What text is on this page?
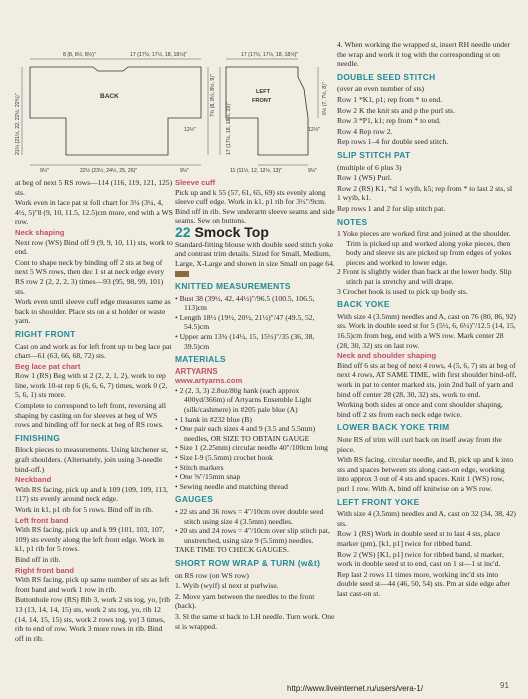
8 (8, 8½, 8½)"	17 (17½, 17½, 18, 18½)"
BACK
9½"	22½ (23½, 24½, 25, 26)"	9½"
21¼ (21½, 22, 22½, 22¾)"	7¾ (8, 8¼, 8½, 9)"
12½"
17 (17½, 17½, 18, 18½)"
LEFT
FRONT	6½ (7, 7½, 8)"
17 (17½, 18, 18½, 19)"	12½"
11 (11½, 12, 12½, 13)"	9½"

at beg of next 5 RS rows—114 (116, 119, 121, 125) sts.

Work even in lace pat st foll chart for 3¼ (3¼, 4, 4½, 5)"8 (9, 10, 11.5, 12.5)cm more, end with a WS row.

Neck shaping

Next row (WS) Bind off 9 (9, 9, 10, 11) sts, work to end.

Cont to shape neck by binding off 2 sts at beg of next 5 WS rows, then dec 1 st at neck edge every RS row 2 (2, 2, 2, 3) times—93 (95, 98, 99, 101) sts.

Work even until sleeve cuff edge measures same as back to shoulder. Place sts on a st holder or waste yarn.

RIGHT FRONT

Cast on and work as for left front up to beg lace pat chart—61 (63, 66, 68, 72) sts.

Beg lace pat chart

Row 1 (RS) Beg with st 2 (2, 2, 1, 2), work to rep line, work 10-st rep 6 (6, 6, 6, 7) times, work 0 (2, 5, 6, 1) sts more.

Complete to correspond to left front, reversing all shaping by casting on for sleeves at beg of WS rows and binding off for neck at beg of RS rows.

FINISHING

Block pieces to measurements. Using kitchener st, graft shoulders. (Alternately, join using 3-needle bind-off.)

Neckband

With RS facing, pick up and k 109 (109, 109, 113, 117) sts evenly around neck edge.

Work in k1, p1 rib for 5 rows. Bind off in rib.

Left front band

With RS facing, pick up and k 99 (101, 103, 107, 109) sts evenly along the left front edge. Work in k1, p1 rib for 5 rows.

Bind off in rib.

Right front band

With RS facing, pick up same number of sts as left front band and work 1 row in rib.

Buttonhole row (RS) Rib 3, work 2 sts tog, yo, [rib 13 (13, 14, 14, 15) sts, work 2 sts tog, yo, rib 12 (14, 14, 15, 15) sts, work 2 rows tog, yo] 3 times, rib to end of row. Work 3 more rows in rib. Bind off in rib.

Sleeve cuff

Pick up and k 55 (57, 61, 65, 69) sts evenly along sleeve cuff edge. Work in k1, p1 rib for 3½"/9cm. Bind off in rib. Sew underarm sleeve seams and side seams. Sew on buttons.

22 Smock Top

Standard-fitting blouse with double seed stitch yoke and contrast trim details. Sized for Small, Medium, Large, X-Large and shown in size Small on page 64.

KNITTED MEASUREMENTS
• Bust 38 (39½, 42, 44½)"/96.5 (100.5, 106.5, 113)cm
• Length 18½ (19½, 20½, 21½)"/47 (49.5, 52, 54.5)cm
• Upper arm 13¾ (14¼, 15, 15½)"/35 (36, 38, 39.5)cm
MATERIALS
ARTYARNS
www.artyarns.com
• 2 (2, 3, 3) 2.8oz/80g hank (each approx 400yd/366m) of Artyarns Ensemble Light (silk/cashmere) in #205 pale blue (A)
• 1 hank in #232 blue (B)
• One pair each sizes 4 and 9 (3.5 and 5.5mm) needles, OR SIZE TO OBTAIN GAUGE
• Size 1 (2.25mm) circular needle 40"/100cm long
• Size I-9 (5.5mm) crochet hook
• Stitch markers
• One ⅝"/15mm snap
• Sewing needle and matching thread
GAUGES
• 22 sts and 36 rows = 4"/10cm over double seed stitch using size 4 (3.5mm) needles.
• 20 sts and 24 rows = 4"/10cm over slip stitch pat, unstretched, using size 9 (5.5mm) needles.

TAKE TIME TO CHECK GAUGES.

SHORT ROW WRAP & TURN (w&t)

on RS row (on WS row)

1. Wyib (wyif) sl next st purlwise.

2. Move yarn between the needles to the front (back).

3. Sl the same st back to LH needle. Turn work. One st is wrapped.

4. When working the wrapped st, insert RH needle under the wrap and work it tog with the corresponding st on needle.

DOUBLE SEED STITCH

(over an even number of sts)

Row 1 *K1, p1; rep from * to end.

Row 2 K the knit sts and p the purl sts.

Row 3 *P1, k1; rep from * to end.

Row 4 Rep row 2.

Rep rows 1–4 for double seed stitch.

SLIP STITCH PAT

(multiple of 6 plus 3)

Row 1 (WS) Purl.

Row 2 (RS) K1, *sl 1 wyib, k5; rep from * to last 2 sts, sl 1 wyib, k1.

Rep rows 1 and 2 for slip stitch pat.

NOTES
1 Yoke pieces are worked first and joined at the shoulder. Trim is picked up and worked along yoke pieces, then body and sleeve sts are picked up from edges of yokes pieces and worked to lower edge.
2 Front is slightly wider than back at the lower body. Slip stitch pat is stretchy and will drape.
3 Crochet hook is used to pick up body sts.
BACK YOKE

With size 4 (3.5mm) needles and A, cast on 76 (80, 86, 92) sts. Work in double seed st for 5 (5½, 6, 6½)"/12.5 (14, 15, 16.5)cm from beg, end with a WS row. Mark center 28 (28, 30, 32) sts on last row.

Neck and shoulder shaping

Bind off 6 sts at beg of next 4 rows, 4 (5, 6, 7) sts at beg of next 4 rows, AT SAME TIME, with first shoulder bind-off, work in pat to center marked sts, join 2nd ball of yarn and bind off center 28 (28, 30, 32) sts, work to end.

Working both sides at once and cont shoulder shaping, bind off 2 sts from each neck edge twice.

LOWER BACK YOKE TRIM

Note RS of trim will curl back on itself away from the piece.

With RS facing, circular needle, and B, pick up and k into sts and spaces between sts along cast-on edge, working into approx 3 out of 4 sts and spaces. Knit 1 (WS) row, purl 1 row. With A, bind off knitwise on a WS row.

LEFT FRONT YOKE

With size 4 (3.5mm) needles and A, cast on 32 (34, 38, 42) sts.

Row 1 (RS) Work in double seed st to last 4 sts, place marker (pm), [k1, p1] twice for ribbed band.

Row 2 (WS) [K1, p1] twice for ribbed band, sl marker, work in double seed st to end, cast on 1 st—1 st inc'd.

Rep last 2 rows 11 times more, working inc'd sts into double seed st—44 (46, 50, 54) sts. Pm at side edge after last cast-on st.

http://www.liveinternet.ru/users/vera-1/	91
